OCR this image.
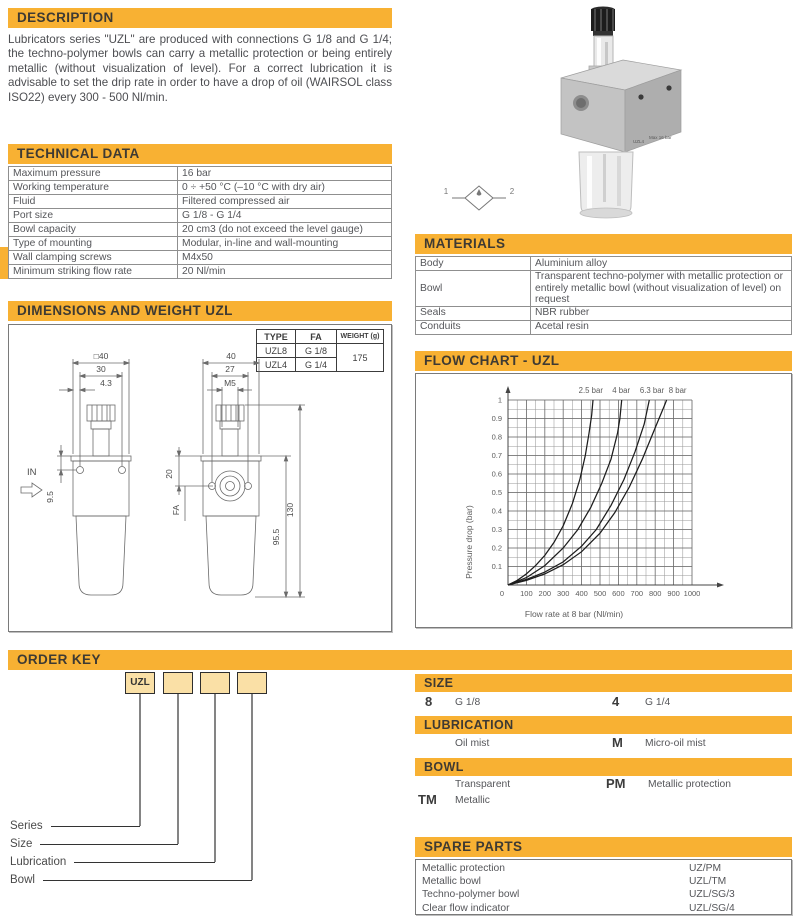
DESCRIPTION
Lubricators series "UZL" are produced with connections G 1/8 and G 1/4; the techno-polymer bowls can carry a metallic protection or being entirely metallic (without visualization of level). For a correct lubrication it is advisable to set the drip rate in order to have a drop of oil (WAIRSOL class ISO22) every 300 - 500 Nl/min.
UZL4
Max 16 bar
1	2
TECHNICAL DATA
Maximum pressure	16 bar
Working temperature	0 ÷ +50 °C (–10 °C with dry air)
Fluid	Filtered compressed air
Port size	G 1/8 - G 1/4
Bowl capacity	20 cm3 (do not exceed the level gauge)
Type of mounting	Modular, in-line and wall-mounting
Wall clamping screws	M4x50
Minimum striking flow rate	20 Nl/min
MATERIALS
Body	Aluminium alloy
Bowl	Transparent techno-polymer with metallic protection or entirely metallic bowl (without visualization of level) on request
Seals	NBR rubber
Conduits	Acetal resin
DIMENSIONS AND WEIGHT UZL
TYPE	FA	WEIGHT (g)
UZL8	G 1/8	175
UZL4	G 1/4	
□40
30
4.3
IN
9.5
40
27
M5
20
FA
95.5
130
FLOW CHART - UZL
0 100 200 300 400 500 600 700 800 900 1000
0.1
0.2
0.3
0.4
0.5
0.6
0.7
0.8
0.9
1
2.5 bar 4 bar 6.3 bar 8 bar
Flow rate at 8 bar (Nl/min)
Pressure drop (bar)
ORDER KEY
UZL
Series
Size
Lubrication
Bowl
SIZE
8 G 1/8	4	G 1/4
LUBRICATION
Oil mist	M Micro-oil mist
BOWL
Transparent	PM Metallic protection
TM Metallic
SPARE PARTS
Metallic protection	UZ/PM
Metallic bowl	UZL/TM
Techno-polymer bowl	UZL/SG/3
Clear flow indicator	UZL/SG/4
